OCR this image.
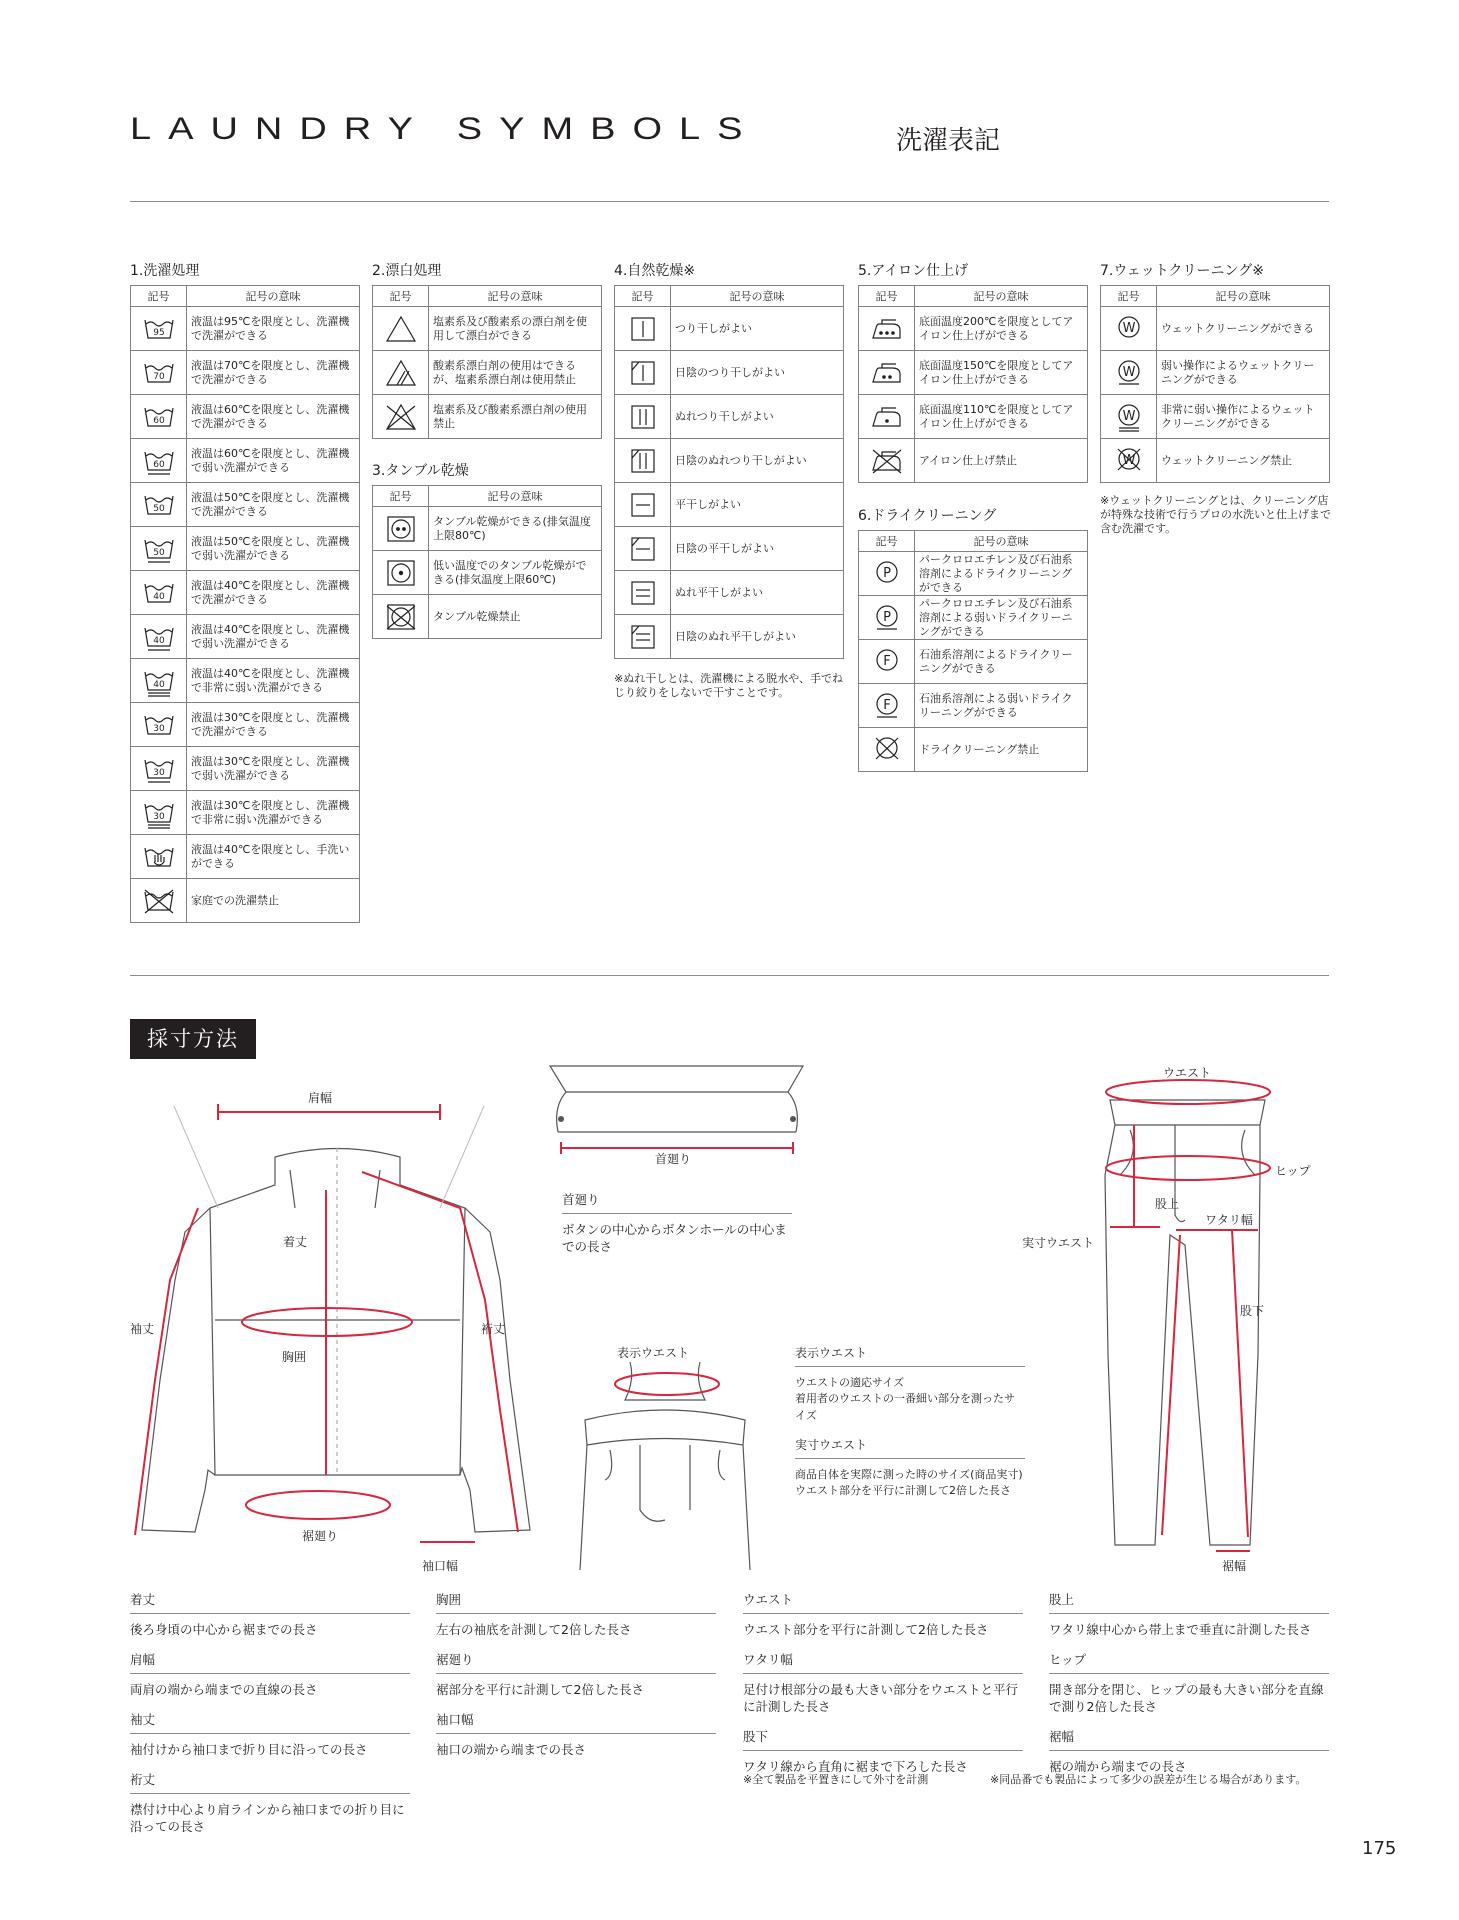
LAUNDRY SYMBOLS	洗濯表記
1.洗濯処理	2.漂白処理
3.タンブル乾燥
4.自然乾燥※	5.アイロン仕上げ
6.ドライクリーニング
7.ウェットクリーニング※
記号	記号の意味

95	液温は95℃を限度とし、洗濯機で洗濯ができる

70	液温は70℃を限度とし、洗濯機で洗濯ができる

60	液温は60℃を限度とし、洗濯機で洗濯ができる

60	液温は60℃を限度とし、洗濯機で弱い洗濯ができる

50	液温は50℃を限度とし、洗濯機で洗濯ができる

50	液温は50℃を限度とし、洗濯機で弱い洗濯ができる

40	液温は40℃を限度とし、洗濯機で洗濯ができる

40	液温は40℃を限度とし、洗濯機で弱い洗濯ができる

40	液温は40℃を限度とし、洗濯機で非常に弱い洗濯ができる

30	液温は30℃を限度とし、洗濯機で洗濯ができる

30	液温は30℃を限度とし、洗濯機で弱い洗濯ができる

30	液温は30℃を限度とし、洗濯機で非常に弱い洗濯ができる

	液温は40℃を限度とし、手洗いができる

	家庭での洗濯禁止
記号	記号の意味

	塩素系及び酸素系の漂白剤を使用して漂白ができる

	酸素系漂白剤の使用はできるが、塩素系漂白剤は使用禁止

	塩素系及び酸素系漂白剤の使用禁止
記号	記号の意味

	タンブル乾燥ができる(排気温度上限80℃)

	低い温度でのタンブル乾燥ができる(排気温度上限60℃)

	タンブル乾燥禁止
記号	記号の意味

	つり干しがよい

	日陰のつり干しがよい

	ぬれつり干しがよい

	日陰のぬれつり干しがよい

	平干しがよい

	日陰の平干しがよい

	ぬれ平干しがよい

	日陰のぬれ平干しがよい
※ぬれ干しとは、洗濯機による脱水や、手でねじり絞りをしないで干すことです。
記号	記号の意味

	底面温度200℃を限度としてアイロン仕上げができる

	底面温度150℃を限度としてアイロン仕上げができる

	底面温度110℃を限度としてアイロン仕上げができる

	アイロン仕上げ禁止
記号	記号の意味

P	パークロロエチレン及び石油系溶剤によるドライクリーニングができる

P	パークロロエチレン及び石油系溶剤による弱いドライクリーニングができる

F	石油系溶剤によるドライクリーニングができる

F	石油系溶剤による弱いドライクリーニングができる

	ドライクリーニング禁止
記号	記号の意味

W	ウェットクリーニングができる

W	弱い操作によるウェットクリーニングができる

W	非常に弱い操作によるウェットクリーニングができる

W	ウェットクリーニング禁止
※ウェットクリーニングとは、クリーニング店が特殊な技術で行うプロの水洗いと仕上げまで含む洗濯です。
採寸方法
肩幅
着丈
袖丈	裄丈
胸囲
裾廻り
袖口幅
首廻り
首廻り
ボタンの中心からボタンホールの中心までの長さ
表示ウエスト	表示ウエスト
ウエストの適応サイズ
着用者のウエストの一番細い部分を測ったサイズ
実寸ウエスト
商品自体を実際に測った時のサイズ(商品実寸)
ウエスト部分を平行に計測して2倍した長さ
ウエスト
ヒップ
股上
ワタリ幅
実寸ウエスト
股下
裾幅
着丈
後ろ身頃の中心から裾までの長さ
肩幅
両肩の端から端までの直線の長さ
袖丈
袖付けから袖口まで折り目に沿っての長さ
裄丈
襟付け中心より肩ラインから袖口までの折り目に沿っての長さ
胸囲
左右の袖底を計測して2倍した長さ
裾廻り
裾部分を平行に計測して2倍した長さ
袖口幅
袖口の端から端までの長さ
ウエスト
ウエスト部分を平行に計測して2倍した長さ
ワタリ幅
足付け根部分の最も大きい部分をウエストと平行に計測した長さ
股下
ワタリ線から直角に裾まで下ろした長さ
股上
ワタリ線中心から帯上まで垂直に計測した長さ
ヒップ
開き部分を閉じ、ヒップの最も大きい部分を直線で測り2倍した長さ
裾幅
裾の端から端までの長さ
※全て製品を平置きにして外寸を計測	※同品番でも製品によって多少の誤差が生じる場合があります。
175
